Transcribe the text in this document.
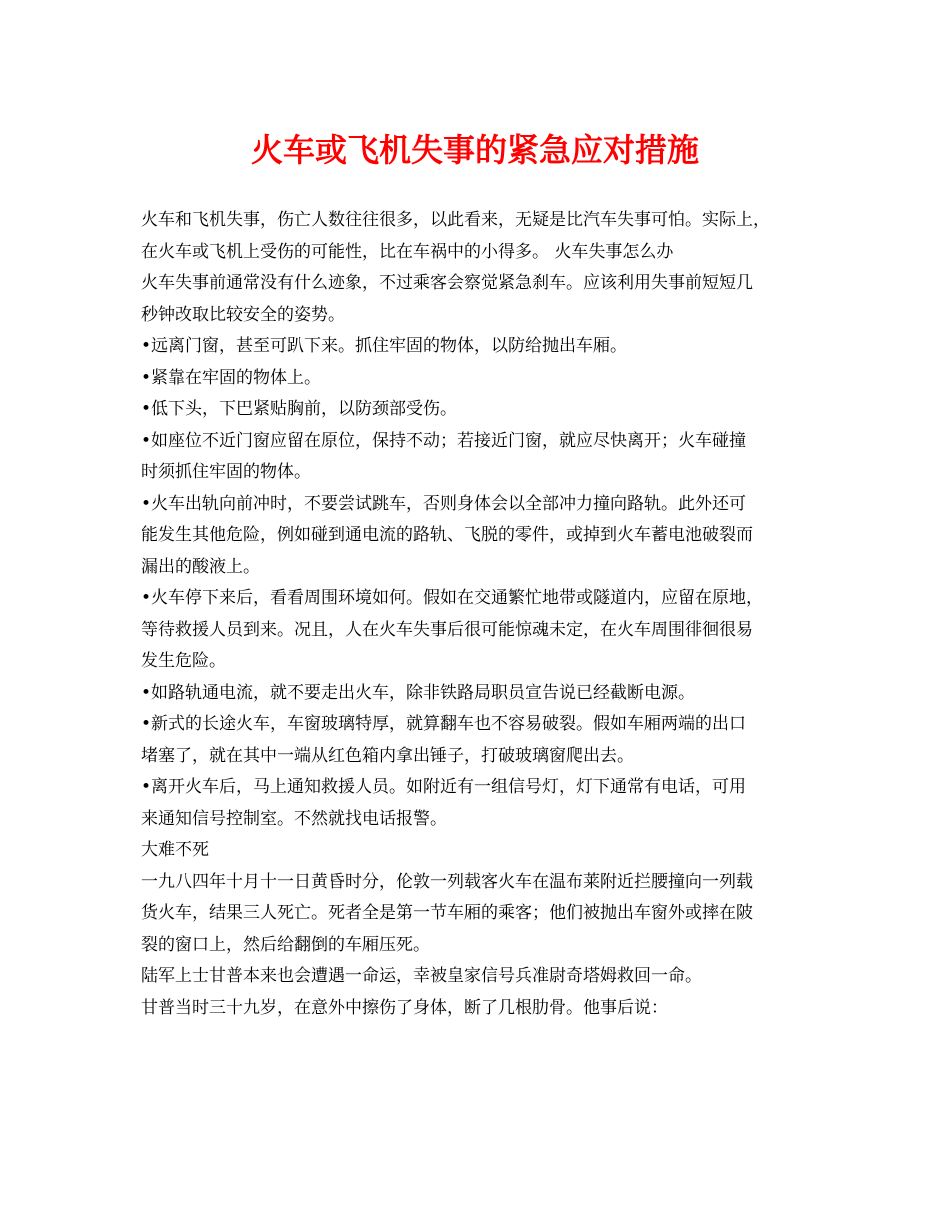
火车或飞机失事的紧急应对措施
火车和飞机失事，伤亡人数往往很多，以此看来，无疑是比汽车失事可怕。实际上，
在火车或飞机上受伤的可能性，比在车祸中的小得多。 火车失事怎么办
火车失事前通常没有什么迹象，不过乘客会察觉紧急刹车。应该利用失事前短短几
秒钟改取比较安全的姿势。
•远离门窗，甚至可趴下来。抓住牢固的物体，以防给抛出车厢。
•紧靠在牢固的物体上。
•低下头，下巴紧贴胸前，以防颈部受伤。
•如座位不近门窗应留在原位，保持不动；若接近门窗，就应尽快离开；火车碰撞
时须抓住牢固的物体。
•火车出轨向前冲时，不要尝试跳车，否则身体会以全部冲力撞向路轨。此外还可
能发生其他危险，例如碰到通电流的路轨、飞脱的零件，或掉到火车蓄电池破裂而
漏出的酸液上。
•火车停下来后，看看周围环境如何。假如在交通繁忙地带或隧道内，应留在原地，
等待救援人员到来。况且，人在火车失事后很可能惊魂未定，在火车周围徘徊很易
发生危险。
•如路轨通电流，就不要走出火车，除非铁路局职员宣告说已经截断电源。
•新式的长途火车，车窗玻璃特厚，就算翻车也不容易破裂。假如车厢两端的出口
堵塞了，就在其中一端从红色箱内拿出锤子，打破玻璃窗爬出去。
•离开火车后，马上通知救援人员。如附近有一组信号灯，灯下通常有电话，可用
来通知信号控制室。不然就找电话报警。
大难不死
一九八四年十月十一日黄昏时分，伦敦一列载客火车在温布莱附近拦腰撞向一列载
货火车，结果三人死亡。死者全是第一节车厢的乘客；他们被抛出车窗外或摔在陂
裂的窗口上，然后给翻倒的车厢压死。
陆军上士甘普本来也会遭遇一命运，幸被皇家信号兵准尉奇塔姆救回一命。
甘普当时三十九岁，在意外中擦伤了身体，断了几根肋骨。他事后说：
